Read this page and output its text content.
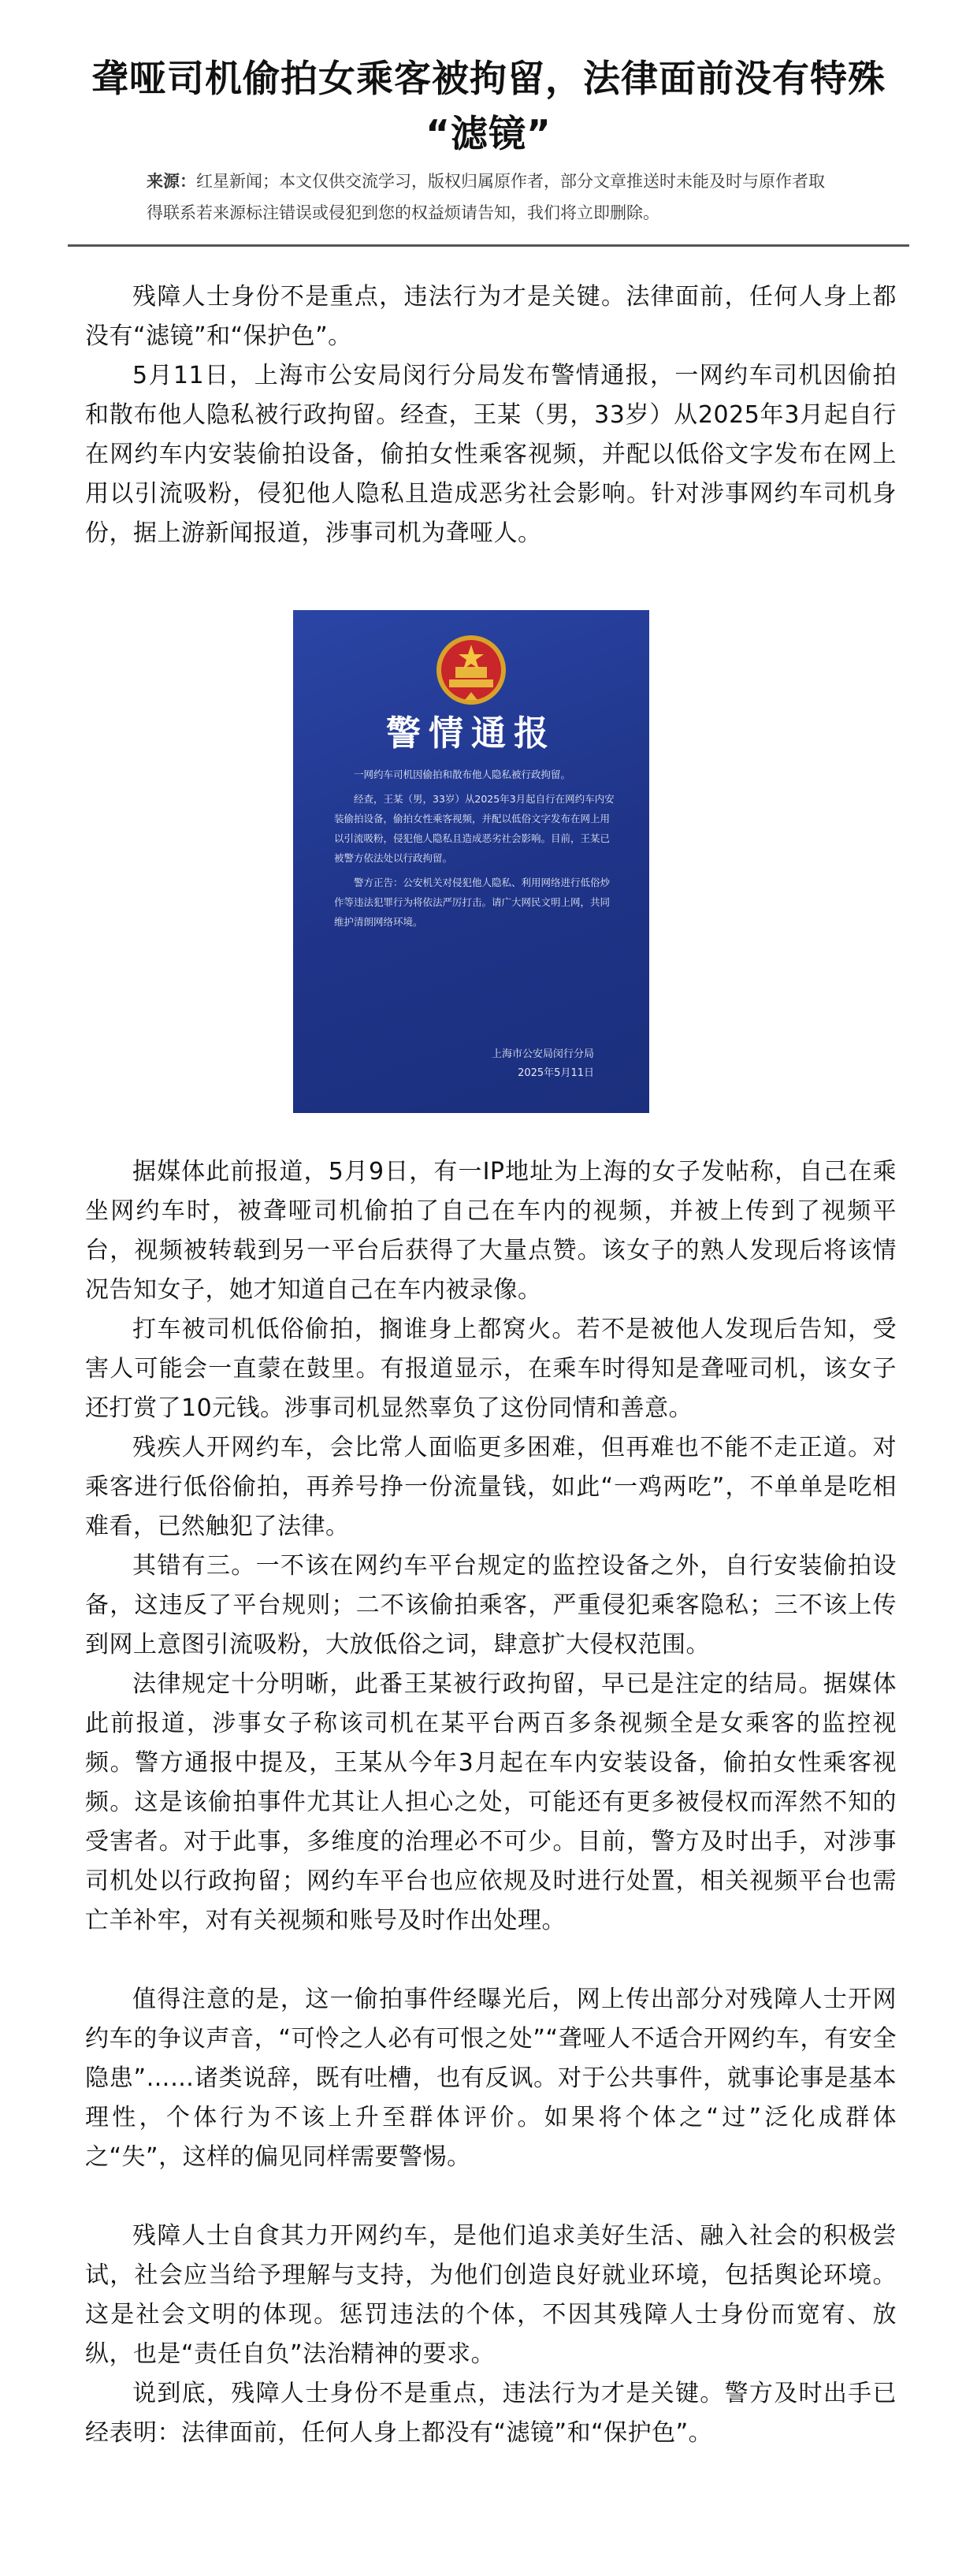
聋哑司机偷拍女乘客被拘留，法律面前没有特殊
“滤镜”
来源：红星新闻；本文仅供交流学习，版权归属原作者，部分文章推送时未能及时与原作者取得联系若来源标注错误或侵犯到您的权益烦请告知，我们将立即删除。

残障人士身份不是重点，违法行为才是关键。法律面前，任何人身上都没有“滤镜”和“保护色”。

5月11日，上海市公安局闵行分局发布警情通报，一网约车司机因偷拍和散布他人隐私被行政拘留。经查，王某（男，33岁）从2025年3月起自行在网约车内安装偷拍设备，偷拍女性乘客视频，并配以低俗文字发布在网上用以引流吸粉，侵犯他人隐私且造成恶劣社会影响。针对涉事网约车司机身份，据上游新闻报道，涉事司机为聋哑人。

警情通报

一网约车司机因偷拍和散布他人隐私被行政拘留。

经查，王某（男，33岁）从2025年3月起自行在网约车内安装偷拍设备，偷拍女性乘客视频，并配以低俗文字发布在网上用以引流吸粉，侵犯他人隐私且造成恶劣社会影响。目前，王某已被警方依法处以行政拘留。

警方正告：公安机关对侵犯他人隐私、利用网络进行低俗炒作等违法犯罪行为将依法严厉打击。请广大网民文明上网，共同维护清朗网络环境。

上海市公安局闵行分局
2025年5月11日

据媒体此前报道，5月9日，有一IP地址为上海的女子发帖称，自己在乘坐网约车时，被聋哑司机偷拍了自己在车内的视频，并被上传到了视频平台，视频被转载到另一平台后获得了大量点赞。该女子的熟人发现后将该情况告知女子，她才知道自己在车内被录像。

打车被司机低俗偷拍，搁谁身上都窝火。若不是被他人发现后告知，受害人可能会一直蒙在鼓里。有报道显示，在乘车时得知是聋哑司机，该女子还打赏了10元钱。涉事司机显然辜负了这份同情和善意。

残疾人开网约车，会比常人面临更多困难，但再难也不能不走正道。对乘客进行低俗偷拍，再养号挣一份流量钱，如此“一鸡两吃”，不单单是吃相难看，已然触犯了法律。

其错有三。一不该在网约车平台规定的监控设备之外，自行安装偷拍设备，这违反了平台规则；二不该偷拍乘客，严重侵犯乘客隐私；三不该上传到网上意图引流吸粉，大放低俗之词，肆意扩大侵权范围。

法律规定十分明晰，此番王某被行政拘留，早已是注定的结局。据媒体此前报道，涉事女子称该司机在某平台两百多条视频全是女乘客的监控视频。警方通报中提及，王某从今年3月起在车内安装设备，偷拍女性乘客视频。这是该偷拍事件尤其让人担心之处，可能还有更多被侵权而浑然不知的受害者。对于此事，多维度的治理必不可少。目前，警方及时出手，对涉事司机处以行政拘留；网约车平台也应依规及时进行处置，相关视频平台也需亡羊补牢，对有关视频和账号及时作出处理。

值得注意的是，这一偷拍事件经曝光后，网上传出部分对残障人士开网约车的争议声音，“可怜之人必有可恨之处”“聋哑人不适合开网约车，有安全隐患”……诸类说辞，既有吐槽，也有反讽。对于公共事件，就事论事是基本理性，个体行为不该上升至群体评价。如果将个体之“过”泛化成群体之“失”，这样的偏见同样需要警惕。

残障人士自食其力开网约车，是他们追求美好生活、融入社会的积极尝试，社会应当给予理解与支持，为他们创造良好就业环境，包括舆论环境。这是社会文明的体现。惩罚违法的个体，不因其残障人士身份而宽宥、放纵，也是“责任自负”法治精神的要求。

说到底，残障人士身份不是重点，违法行为才是关键。警方及时出手已经表明：法律面前，任何人身上都没有“滤镜”和“保护色”。
